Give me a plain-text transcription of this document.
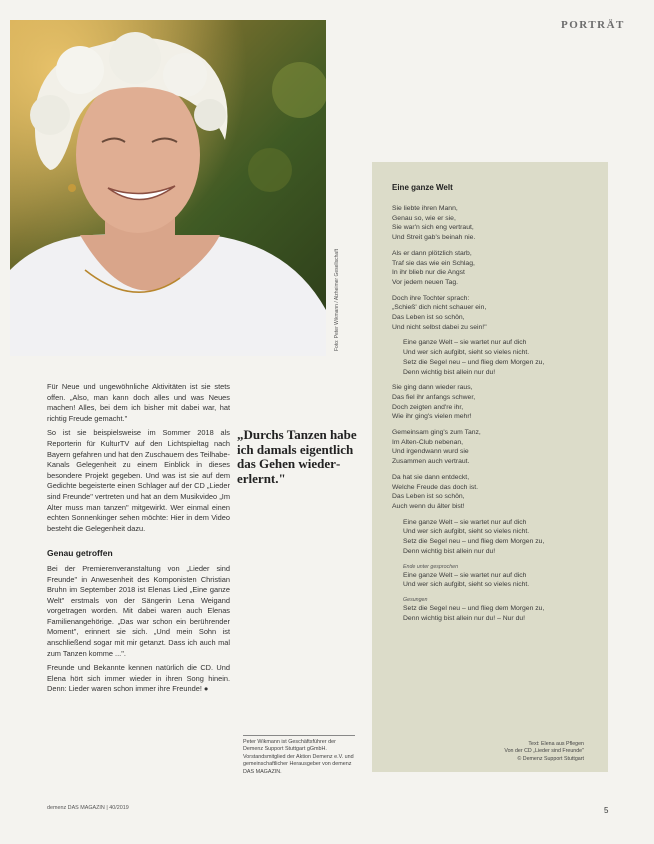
PORTRÄT
Foto: Peter Wikmann / Alzheimer Gesellschaft

Für Neue und ungewöhnliche Aktivitäten ist sie stets offen. „Also, man kann doch alles und was Neues machen! Alles, bei dem ich bisher mit dabei war, hat richtig Freude gemacht."

So ist sie beispielsweise im Sommer 2018 als Reporterin für KulturTV auf den Lichtspieltag nach Bayern gefahren und hat den Zuschauern des Teilhabe-Kanals Gelegenheit zu einem Einblick in dieses besondere Projekt gegeben. Und was ist sie auf dem Gedichte begeisterte einen Schlager auf der CD „Lieder sind Freunde" vertreten und hat an dem Musikvideo „Im Alter muss man tanzen" mitgewirkt. Wer einmal einen echten Sonnenkinger sehen möchte: Hier in dem Video besteht die Gelegenheit dazu.

Genau getroffen

Bei der Premierenveranstaltung von „Lieder sind Freunde" in Anwesenheit des Komponisten Christian Bruhn im September 2018 ist Elenas Lied „Eine ganze Welt" erstmals von der Sängerin Lena Weigand vorgetragen worden. Mit dabei waren auch Elenas Familienangehörige. „Das war schon ein berührender Moment", erinnert sie sich. „Und mein Sohn ist anschließend sogar mit mir getanzt. Dass ich auch mal zum Tanzen komme ...".

Freunde und Bekannte kennen natürlich die CD. Und Elena hört sich immer wieder in ihren Song hinein. Denn: Lieder waren schon immer ihre Freunde! ●

„Durchs Tanzen habe ich damals eigentlich das Gehen wiedererlernt."
Peter Wikmann ist Geschäftsführer der Demenz Support Stuttgart gGmbH. Vorstandsmitglied der Aktion Demenz e.V. und gemeinschaftlicher Herausgeber von demenz DAS MAGAZIN.
Eine ganze Welt
Sie liebte ihren Mann,
Genau so, wie er sie,
Sie war'n sich eng vertraut,
Und Streit gab's beinah nie.
Als er dann plötzlich starb,
Traf sie das wie ein Schlag,
In ihr blieb nur die Angst
Vor jedem neuen Tag.
Doch ihre Tochter sprach:
„Schieß' dich nicht schauer ein,
Das Leben ist so schön,
Und nicht selbst dabei zu sein!"
Eine ganze Welt – sie wartet nur auf dich
Und wer sich aufgibt, sieht so vieles nicht.
Setz die Segel neu – und flieg dem Morgen zu,
Denn wichtig bist allein nur du!
Sie ging dann wieder raus,
Das fiel ihr anfangs schwer,
Doch zeigten and're ihr,
Wie ihr ging's vielen mehr!
Gemeinsam ging's zum Tanz,
Im Alten-Club nebenan,
Und irgendwann wurd sie
Zusammen auch vertraut.
Da hat sie dann entdeckt,
Welche Freude das doch ist.
Das Leben ist so schön,
Auch wenn du älter bist!
Eine ganze Welt – sie wartet nur auf dich
Und wer sich aufgibt, sieht so vieles nicht.
Setz die Segel neu – und flieg dem Morgen zu,
Denn wichtig bist allein nur du!
Ende unter gesprochen
Eine ganze Welt – sie wartet nur auf dich
Und wer sich aufgibt, sieht so vieles nicht.
Gesungen
Setz die Segel neu – und flieg dem Morgen zu,
Denn wichtig bist allein nur du! – Nur du!
Text: Elena aus Pflegen
Von der CD „Lieder sind Freunde"
© Demenz Support Stuttgart
demenz DAS MAGAZIN | 40/2019	5
